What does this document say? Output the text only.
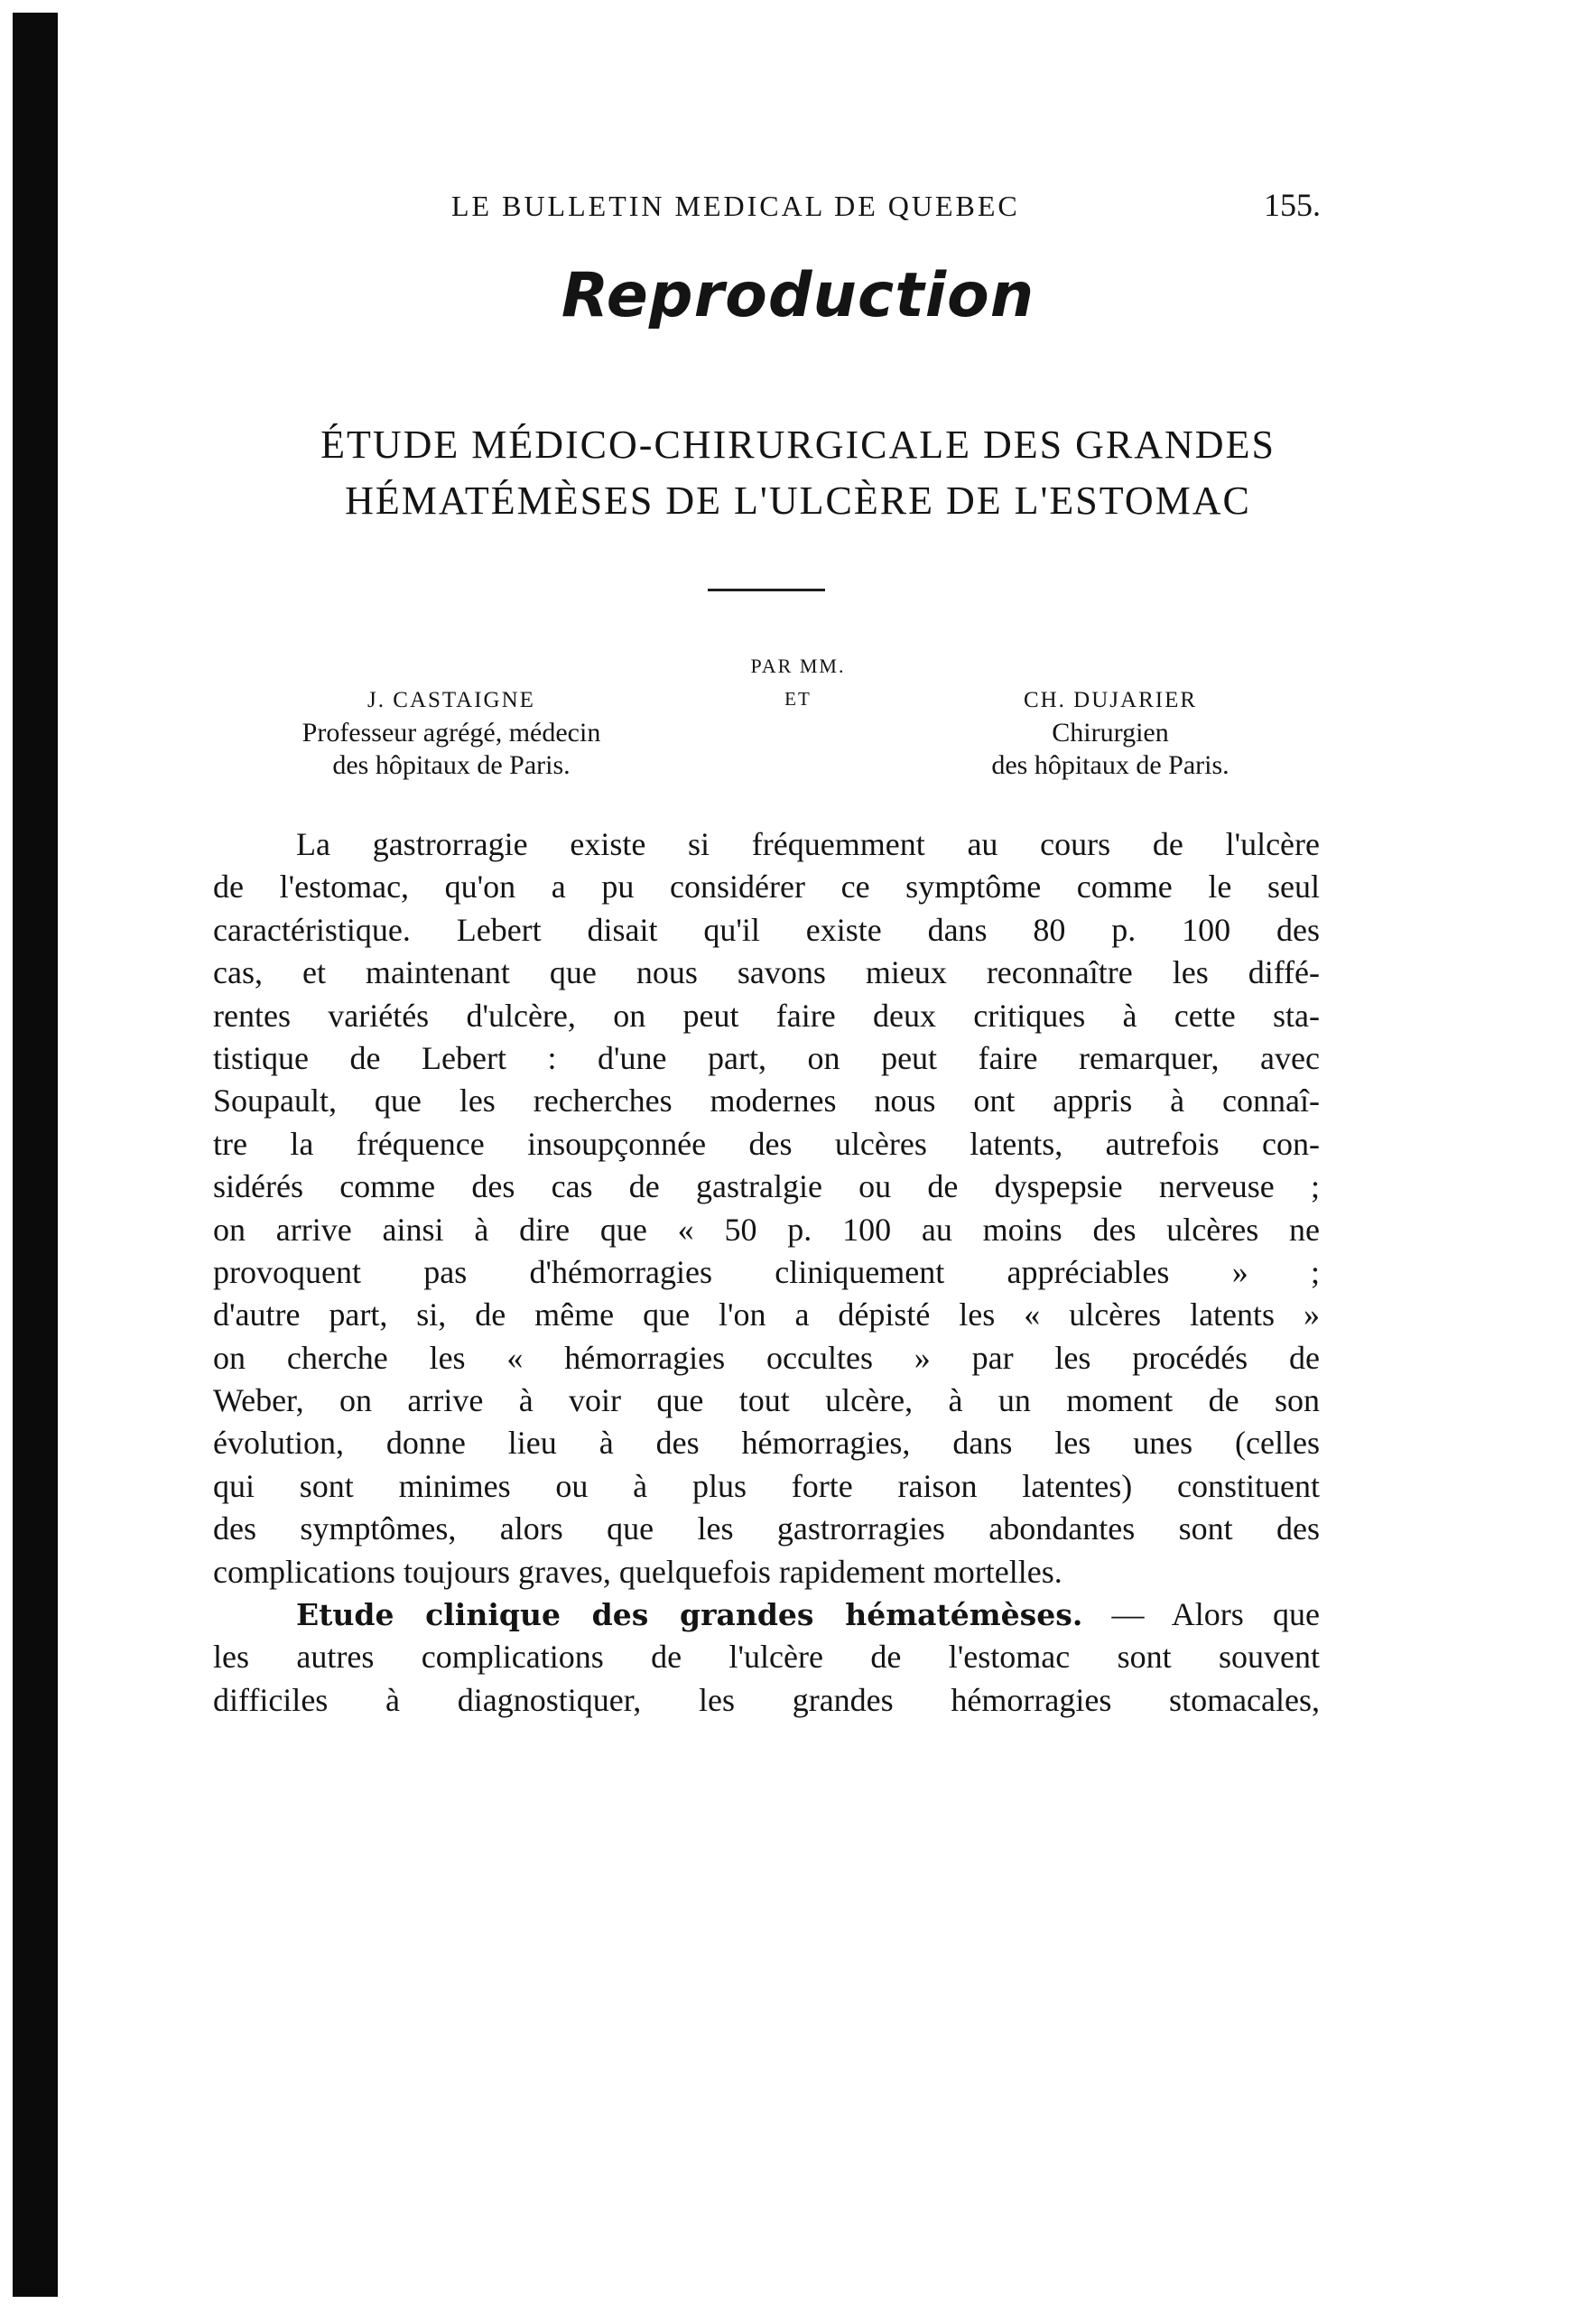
LE BULLETIN MEDICAL DE QUEBEC	155.
Reproduction
ÉTUDE MÉDICO-CHIRURGICALE DES GRANDES
HÉMATÉMÈSES DE L'ULCÈRE DE L'ESTOMAC
PAR MM.
ET
J. CASTAIGNE
Professeur agrégé, médecin
des hôpitaux de Paris.
CH. DUJARIER
Chirurgien
des hôpitaux de Paris.
La gastrorragie existe si fréquemment au cours de l'ulcère
de l'estomac, qu'on a pu considérer ce symptôme comme le seul
caractéristique. Lebert disait qu'il existe dans 80 p. 100 des
cas, et maintenant que nous savons mieux reconnaître les diffé-
rentes variétés d'ulcère, on peut faire deux critiques à cette sta-
tistique de Lebert : d'une part, on peut faire remarquer, avec
Soupault, que les recherches modernes nous ont appris à connaî-
tre la fréquence insoupçonnée des ulcères latents, autrefois con-
sidérés comme des cas de gastralgie ou de dyspepsie nerveuse ;
on arrive ainsi à dire que « 50 p. 100 au moins des ulcères ne
provoquent pas d'hémorragies cliniquement appréciables » ;
d'autre part, si, de même que l'on a dépisté les « ulcères latents »
on cherche les « hémorragies occultes » par les procédés de
Weber, on arrive à voir que tout ulcère, à un moment de son
évolution, donne lieu à des hémorragies, dans les unes (celles
qui sont minimes ou à plus forte raison latentes) constituent
des symptômes, alors que les gastrorragies abondantes sont des
complications toujours graves, quelquefois rapidement mortelles.
Etude clinique des grandes hématémèses. — Alors que
les autres complications de l'ulcère de l'estomac sont souvent
difficiles à diagnostiquer, les grandes hémorragies stomacales,
